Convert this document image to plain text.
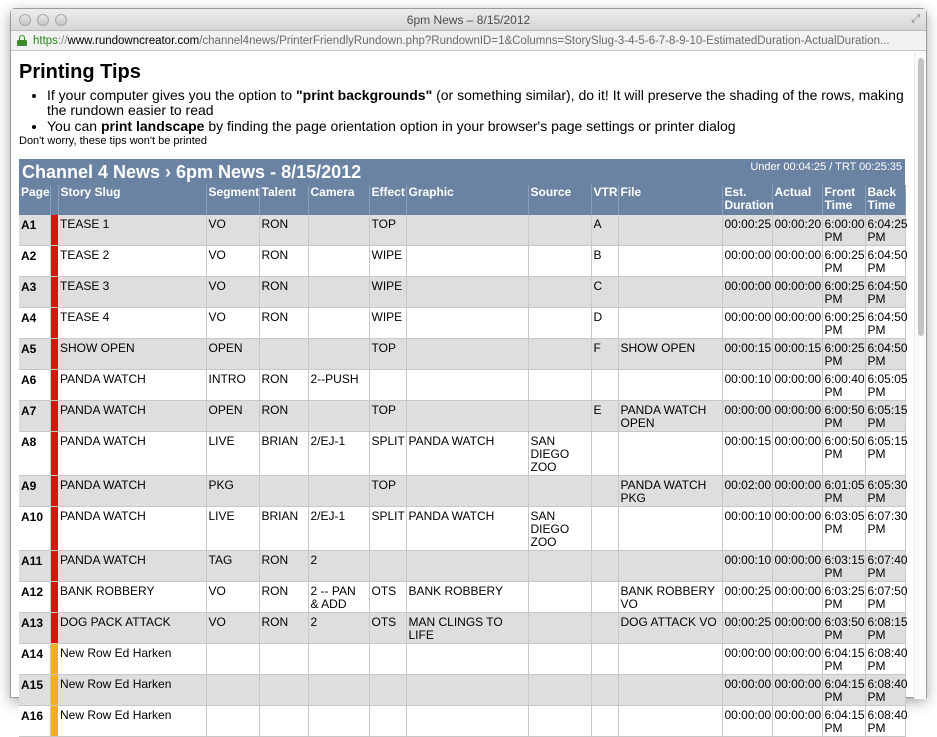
6pm News – 8/15/2012	⤢
https://www.rundowncreator.com/channel4news/PrinterFriendlyRundown.php?RundownID=1&Columns=StorySlug-3-4-5-6-7-8-9-10-EstimatedDuration-ActualDuration...
Printing Tips
• If your computer gives you the option to "print backgrounds" (or something similar), do it! It will preserve the shading of the rows, making the rundown easier to read
• You can print landscape by finding the page orientation option in your browser's page settings or printer dialog
Don't worry, these tips won't be printed
Channel 4 News › 6pm News - 8/15/2012	Under 00:04:25 / TRT 00:25:35
Page		Story Slug	Segment	Talent	Camera	Effect	Graphic	Source	VTR	File	Est. Duration	Actual	Front Time	Back Time
A1		TEASE 1	VO	RON		TOP			A		00:00:25	00:00:20	6:00:00 PM	6:04:25 PM
A2		TEASE 2	VO	RON		WIPE			B		00:00:00	00:00:00	6:00:25 PM	6:04:50 PM
A3		TEASE 3	VO	RON		WIPE			C		00:00:00	00:00:00	6:00:25 PM	6:04:50 PM
A4		TEASE 4	VO	RON		WIPE			D		00:00:00	00:00:00	6:00:25 PM	6:04:50 PM
A5		SHOW OPEN	OPEN			TOP			F	SHOW OPEN	00:00:15	00:00:15	6:00:25 PM	6:04:50 PM
A6		PANDA WATCH	INTRO	RON	2--PUSH						00:00:10	00:00:00	6:00:40 PM	6:05:05 PM
A7		PANDA WATCH	OPEN	RON		TOP			E	PANDA WATCH OPEN	00:00:00	00:00:00	6:00:50 PM	6:05:15 PM
A8		PANDA WATCH	LIVE	BRIAN	2/EJ-1	SPLIT	PANDA WATCH	SAN DIEGO ZOO			00:00:15	00:00:00	6:00:50 PM	6:05:15 PM
A9		PANDA WATCH	PKG			TOP				PANDA WATCH PKG	00:02:00	00:00:00	6:01:05 PM	6:05:30 PM
A10		PANDA WATCH	LIVE	BRIAN	2/EJ-1	SPLIT	PANDA WATCH	SAN DIEGO ZOO			00:00:10	00:00:00	6:03:05 PM	6:07:30 PM
A11		PANDA WATCH	TAG	RON	2						00:00:10	00:00:00	6:03:15 PM	6:07:40 PM
A12		BANK ROBBERY	VO	RON	2 -- PAN & ADD	OTS	BANK ROBBERY			BANK ROBBERY VO	00:00:25	00:00:00	6:03:25 PM	6:07:50 PM
A13		DOG PACK ATTACK	VO	RON	2	OTS	MAN CLINGS TO LIFE			DOG ATTACK VO	00:00:25	00:00:00	6:03:50 PM	6:08:15 PM
A14		New Row Ed Harken									00:00:00	00:00:00	6:04:15 PM	6:08:40 PM
A15		New Row Ed Harken									00:00:00	00:00:00	6:04:15 PM	6:08:40 PM
A16		New Row Ed Harken									00:00:00	00:00:00	6:04:15 PM	6:08:40 PM
